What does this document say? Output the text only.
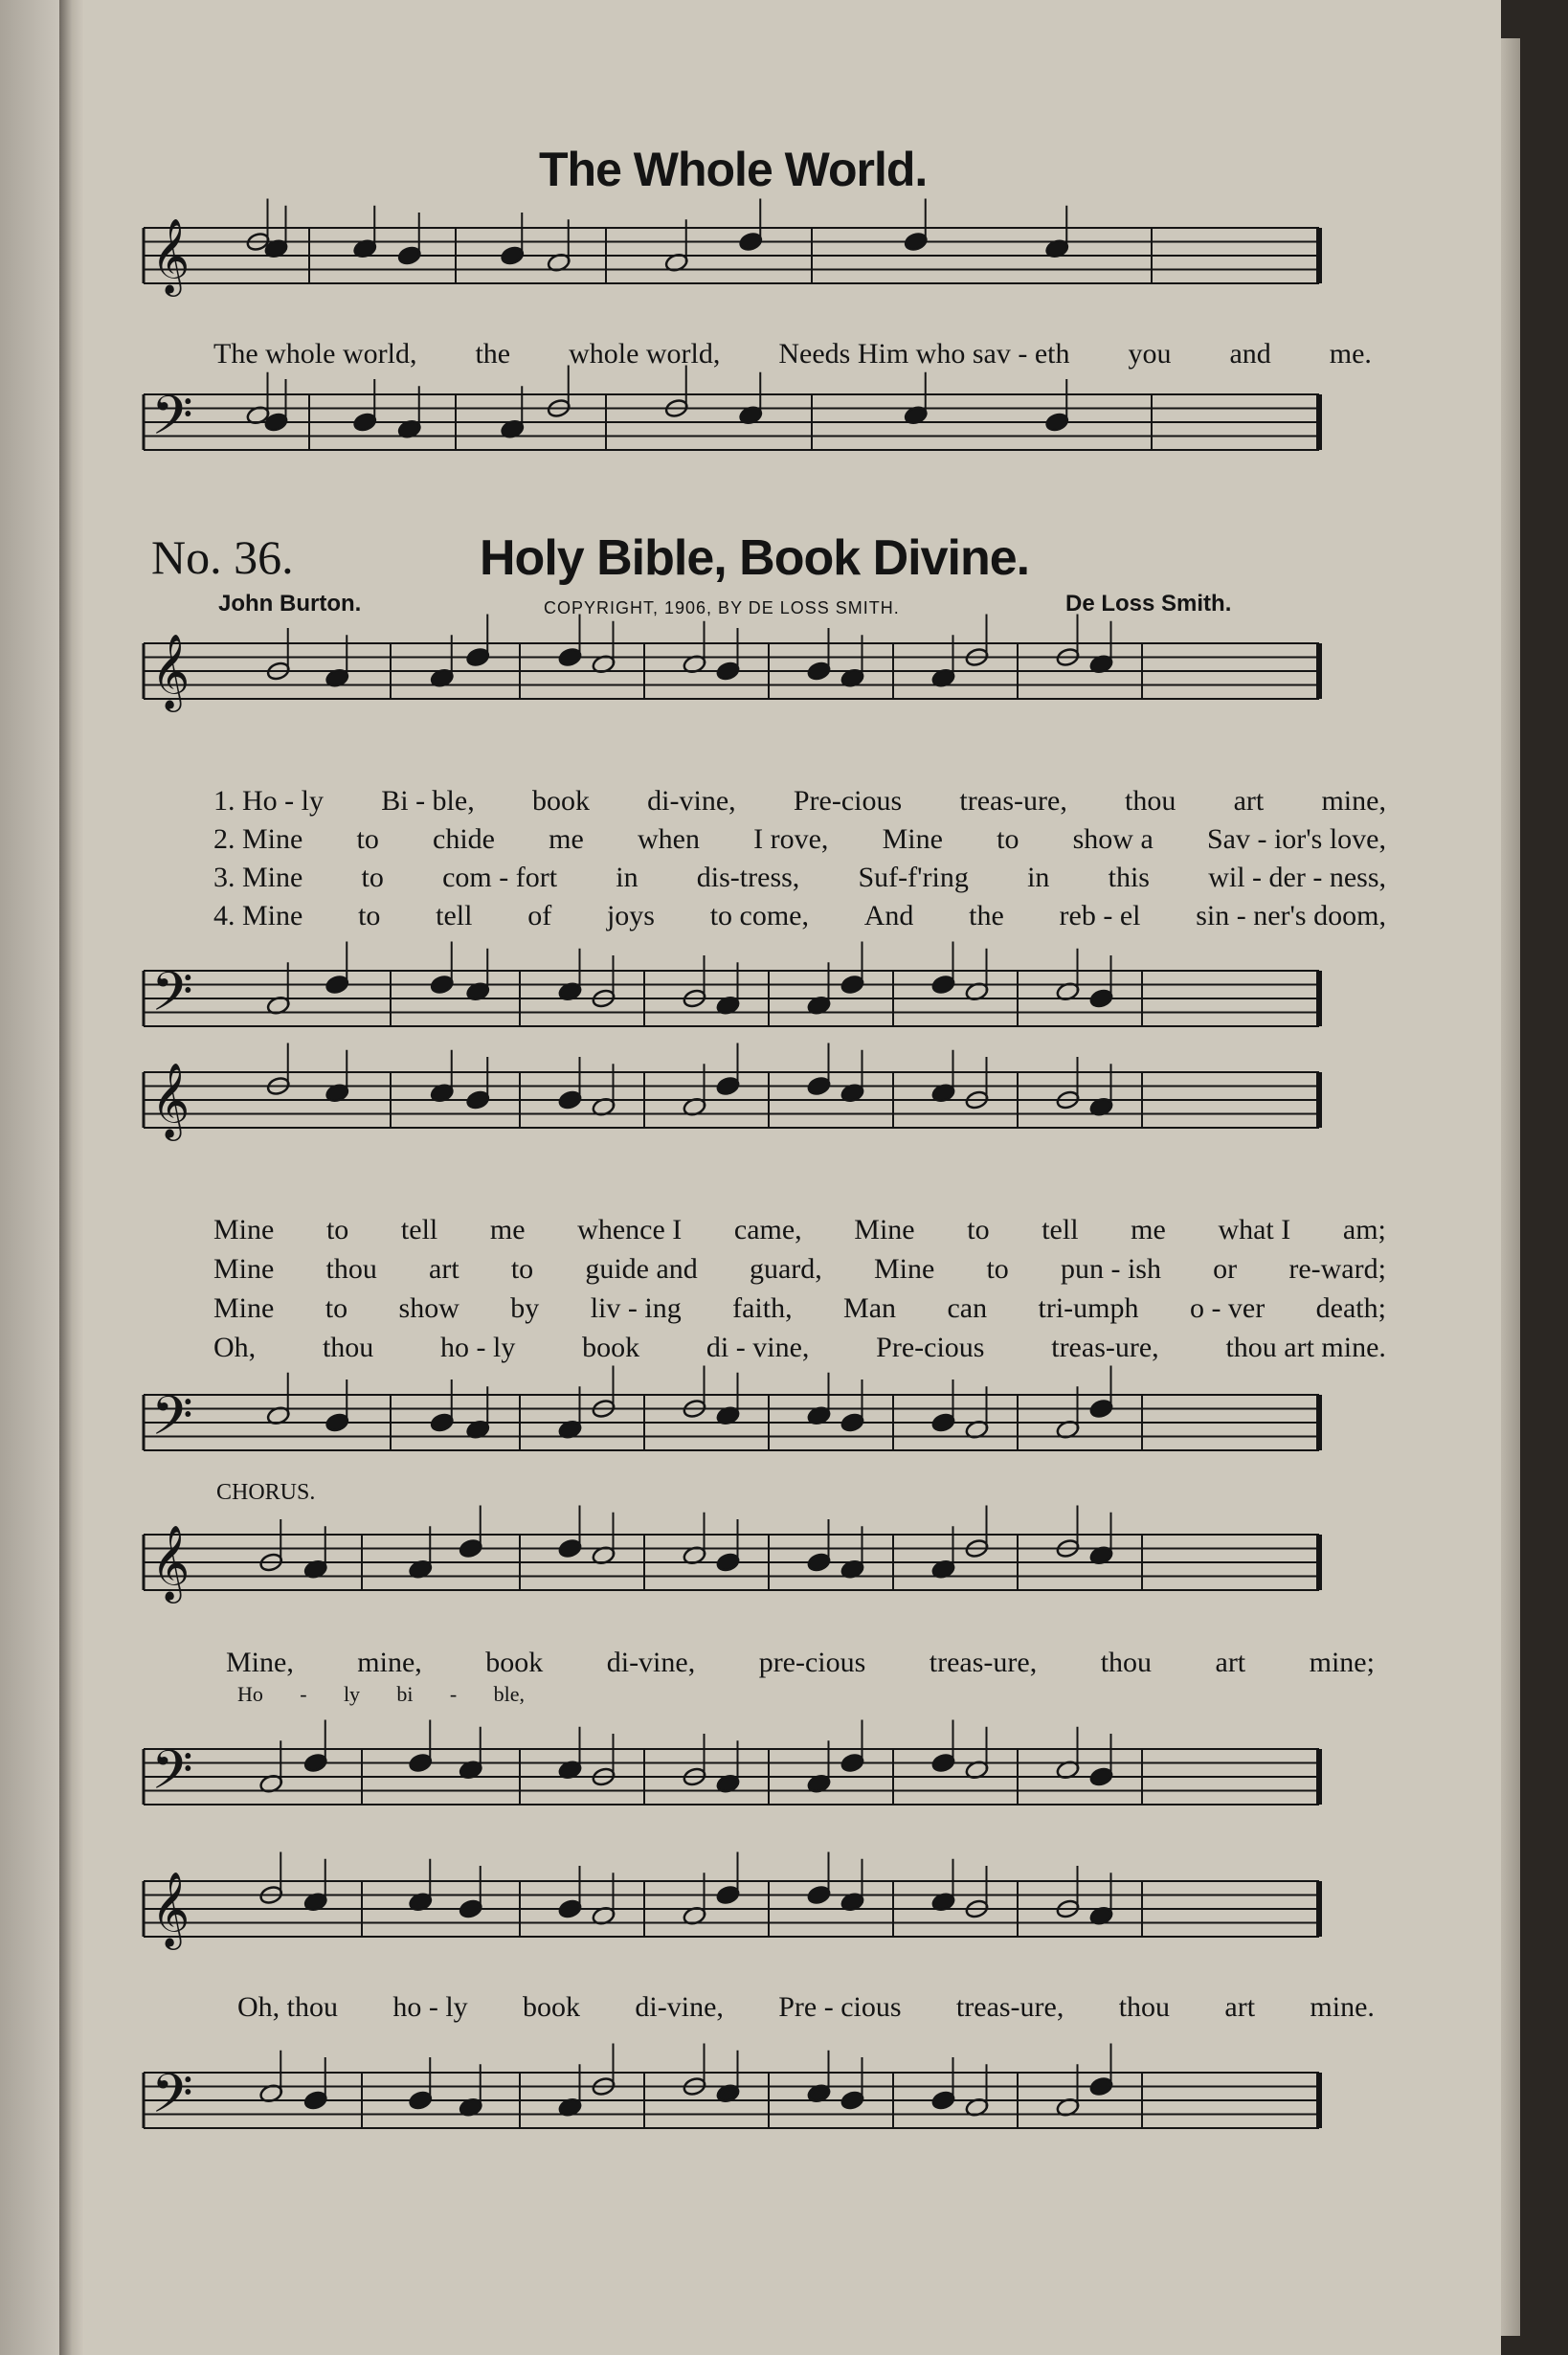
𝄞
𝄢
𝄞
𝄢
𝄞
𝄢
𝄞
𝄢
𝄞
𝄢
The Whole World.
The whole world, the whole world, Needs Him who sav - eth you and me.
No. 36.	Holy Bible, Book Divine.
John Burton.	COPYRIGHT, 1906, BY DE LOSS SMITH.	De Loss Smith.
1. Ho - ly Bi - ble, book di-vine, Pre-cious treas-ure, thou art mine,
2. Mine to chide me when I rove, Mine to show a Sav - ior's love,
3. Mine to com - fort in dis-tress, Suf-f'ring in this wil - der - ness,
4. Mine to tell of joys to come, And the reb - el sin - ner's doom,
Mine to tell me whence I came, Mine to tell me what I am;
Mine thou art to guide and guard, Mine to pun - ish or re-ward;
Mine to show by liv - ing faith, Man can tri-umph o - ver death;
Oh, thou ho - ly book di - vine, Pre-cious treas-ure, thou art mine.
CHORUS.
Mine, mine, book di-vine, pre-cious treas-ure, thou art mine;
Ho - ly bi - ble,
Oh, thou ho - ly book di-vine, Pre - cious treas-ure, thou art mine.
